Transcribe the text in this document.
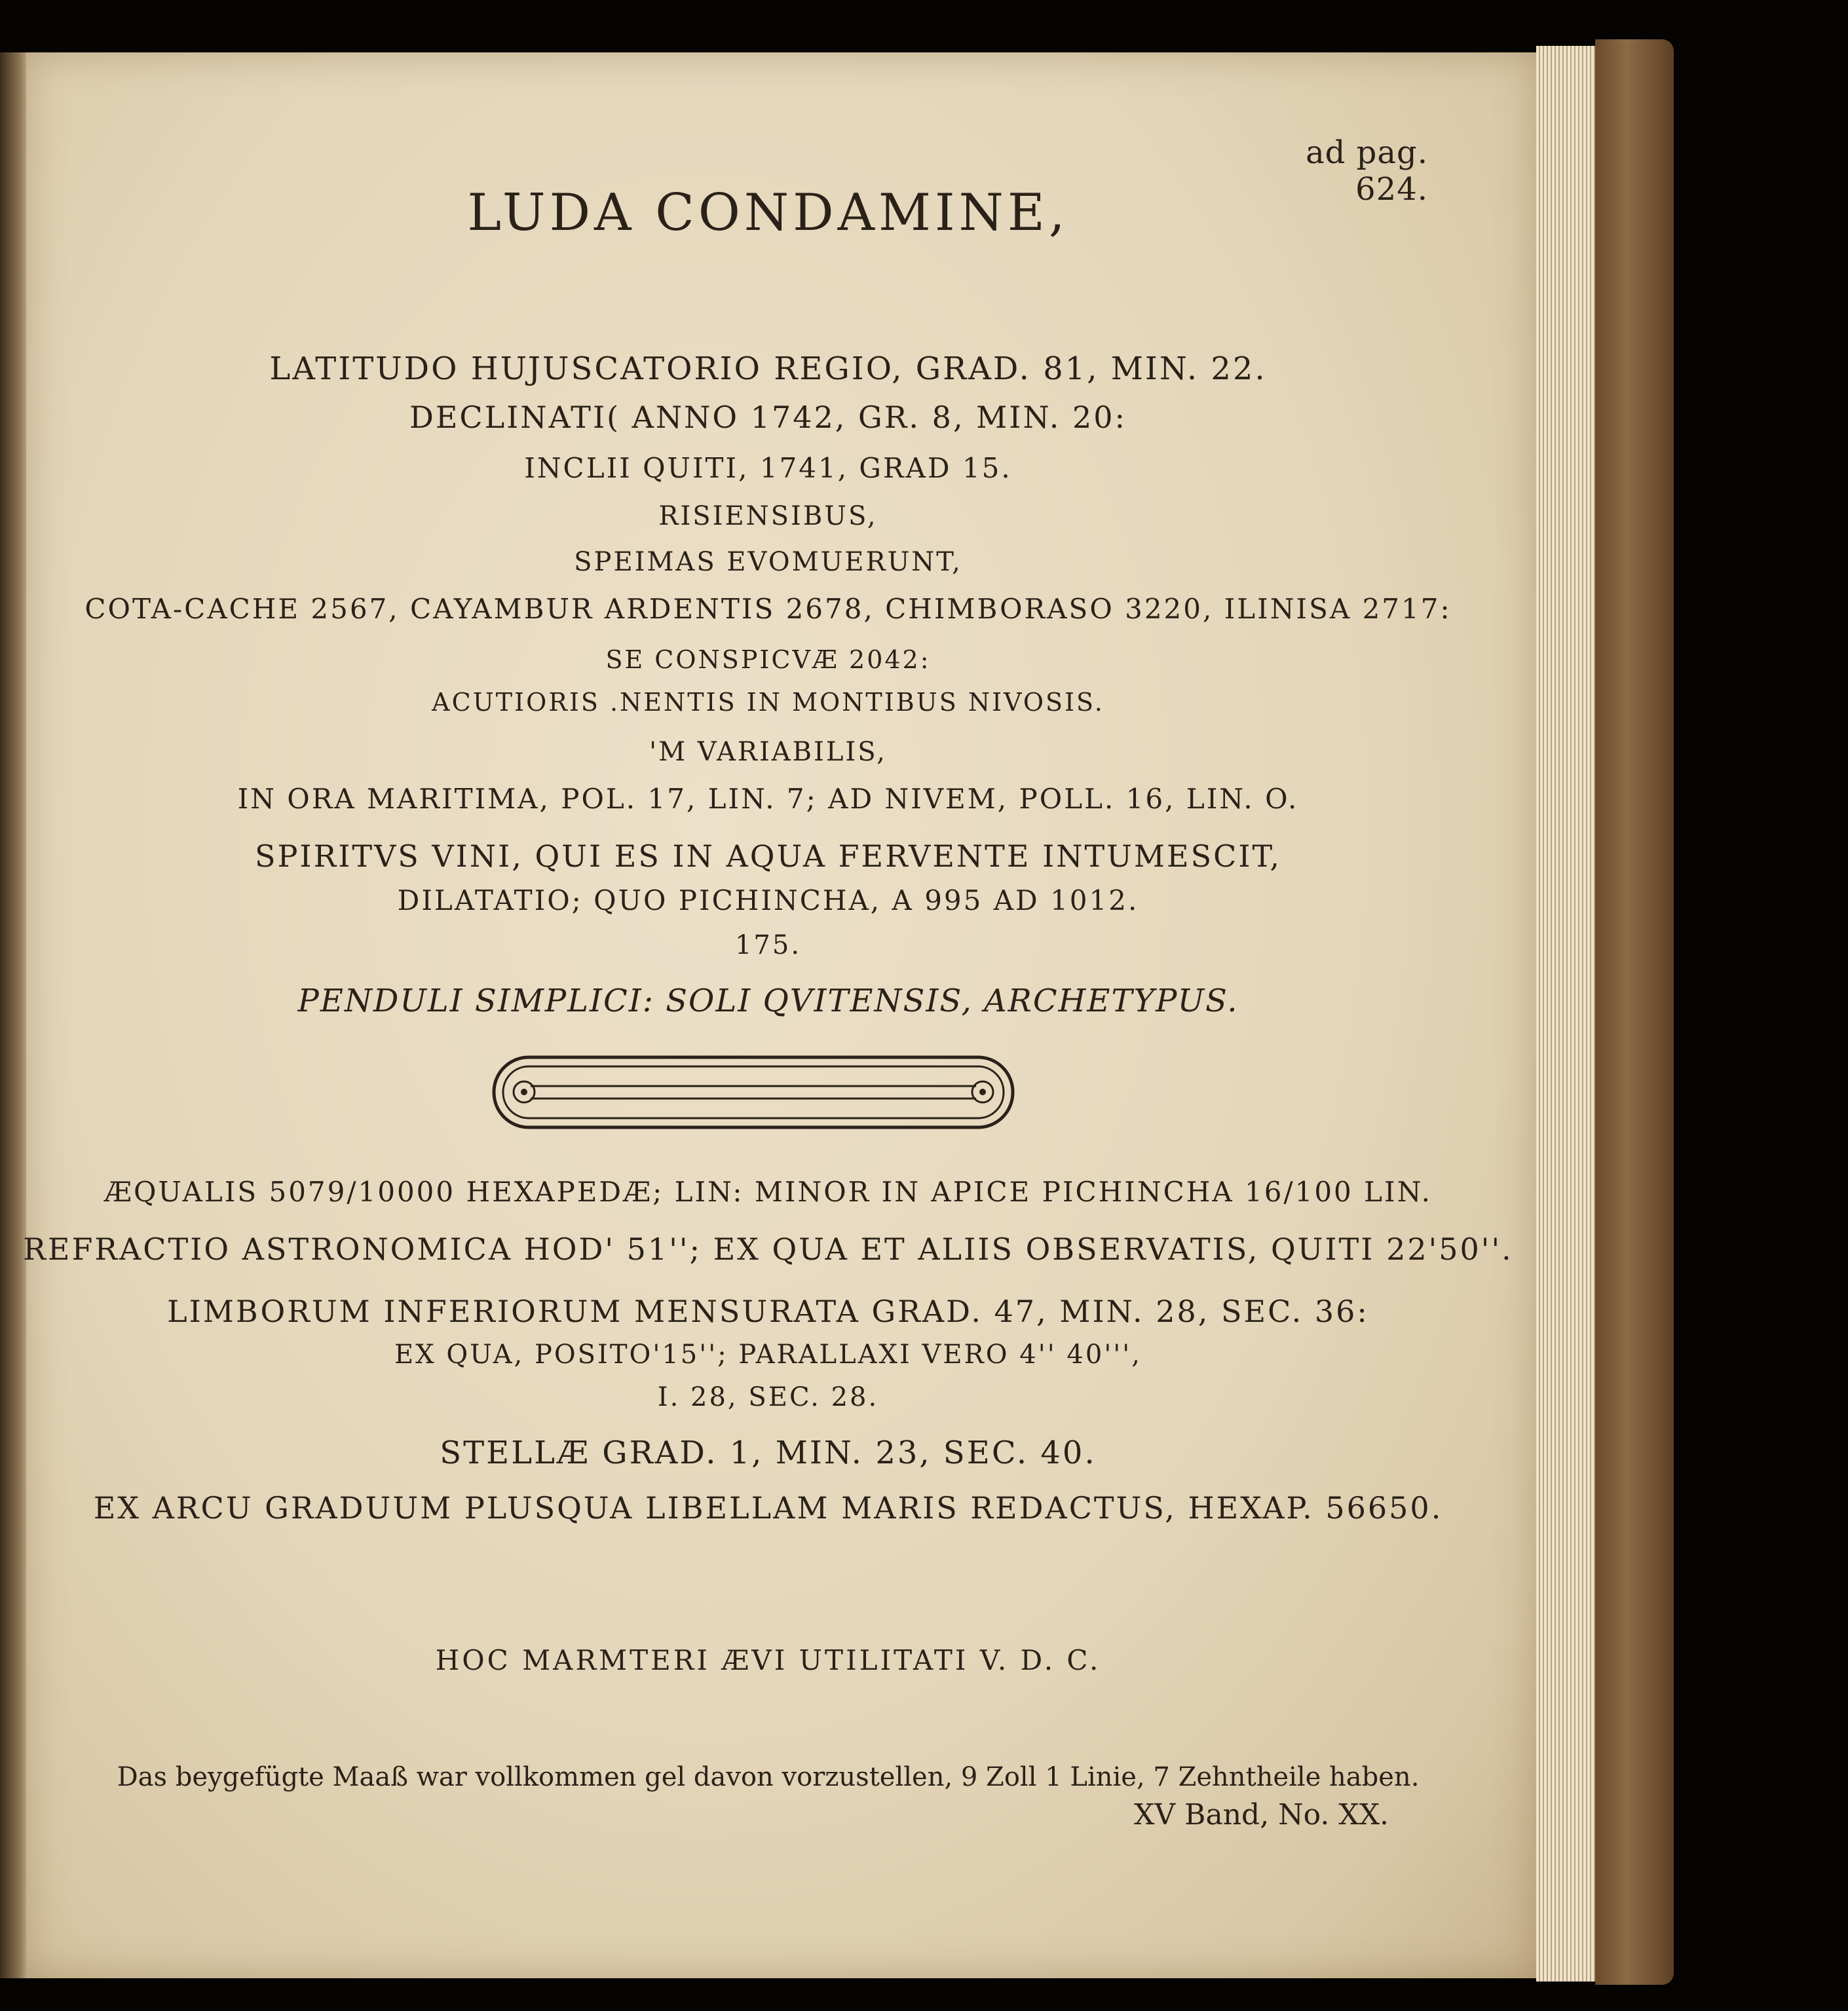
ad pag. 624.
LUDA CONDAMINE,
LATITUDO HUJUSCATORIO REGIO, GRAD. 81, MIN. 22.
DECLINATI( ANNO 1742, GR. 8, MIN. 20:
INCLII QUITI, 1741, GRAD 15.
RISIENSIBUS,
SPEIMAS EVOMUERUNT,
COTA-CACHE 2567, CAYAMBUR ARDENTIS 2678, CHIMBORASO 3220, ILINISA 2717:
SE CONSPICVÆ 2042:
ACUTIORIS .NENTIS IN MONTIBUS NIVOSIS.
'M VARIABILIS,
IN ORA MARITIMA, POL. 17, LIN. 7; AD NIVEM, POLL. 16, LIN. O.
SPIRITVS VINI, QUI ES IN AQUA FERVENTE INTUMESCIT,
DILATATIO; QUO PICHINCHA, A 995 AD 1012.
175.
PENDULI SIMPLICI: SOLI QVITENSIS, ARCHETYPUS.
ÆQUALIS 5079/10000 HEXAPEDÆ; LIN: MINOR IN APICE PICHINCHA 16/100 LIN.
REFRACTIO ASTRONOMICA HOD' 51''; EX QUA ET ALIIS OBSERVATIS, QUITI 22'50''.
LIMBORUM INFERIORUM MENSURATA GRAD. 47, MIN. 28, SEC. 36:
EX QUA, POSITO'15''; PARALLAXI VERO 4'' 40''',
I. 28, SEC. 28.
STELLÆ GRAD. 1, MIN. 23, SEC. 40.
EX ARCU GRADUUM PLUSQUA LIBELLAM MARIS REDACTUS, HEXAP. 56650.
HOC MARMTERI ÆVI UTILITATI V. D. C.
Das beygefügte Maaß war vollkommen gel davon vorzustellen, 9 Zoll 1 Linie, 7 Zehntheile haben.
XV Band, No. XX.
